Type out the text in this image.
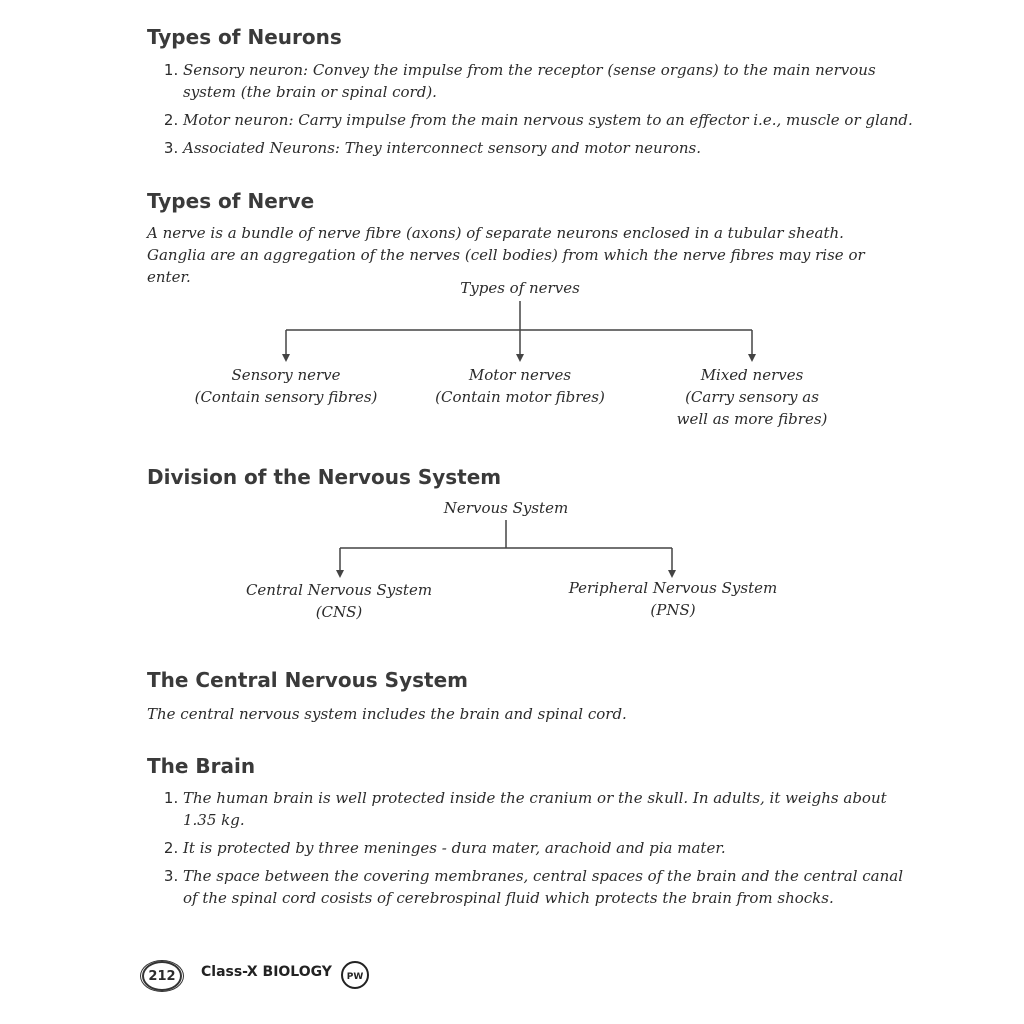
Types of Neurons
1. Sensory neuron: Convey the impulse from the receptor (sense organs) to the main nervous system (the brain or spinal cord).
2. Motor neuron: Carry impulse from the main nervous system to an effector i.e., muscle or gland.
3. Associated Neurons: They interconnect sensory and motor neurons.
Types of Nerve

A nerve is a bundle of nerve fibre (axons) of separate neurons enclosed in a tubular sheath. Ganglia are an aggregation of the nerves (cell bodies) from which the nerve fibres may rise or enter.

Types of nerves
Sensory nerve
(Contain sensory fibres)
Motor nerves
(Contain motor fibres)
Mixed nerves
(Carry sensory as
well as more fibres)
Division of the Nervous System
Nervous System
Central Nervous System
(CNS)
Peripheral Nervous System
(PNS)
The Central Nervous System

The central nervous system includes the brain and spinal cord.

The Brain
1. The human brain is well protected inside the cranium or the skull. In adults, it weighs about 1.35 kg.
2. It is protected by three meninges - dura mater, arachoid and pia mater.
3. The space between the covering membranes, central spaces of the brain and the central canal of the spinal cord cosists of cerebrospinal fluid which protects the brain from shocks.
212 Class-X BIOLOGY PW
